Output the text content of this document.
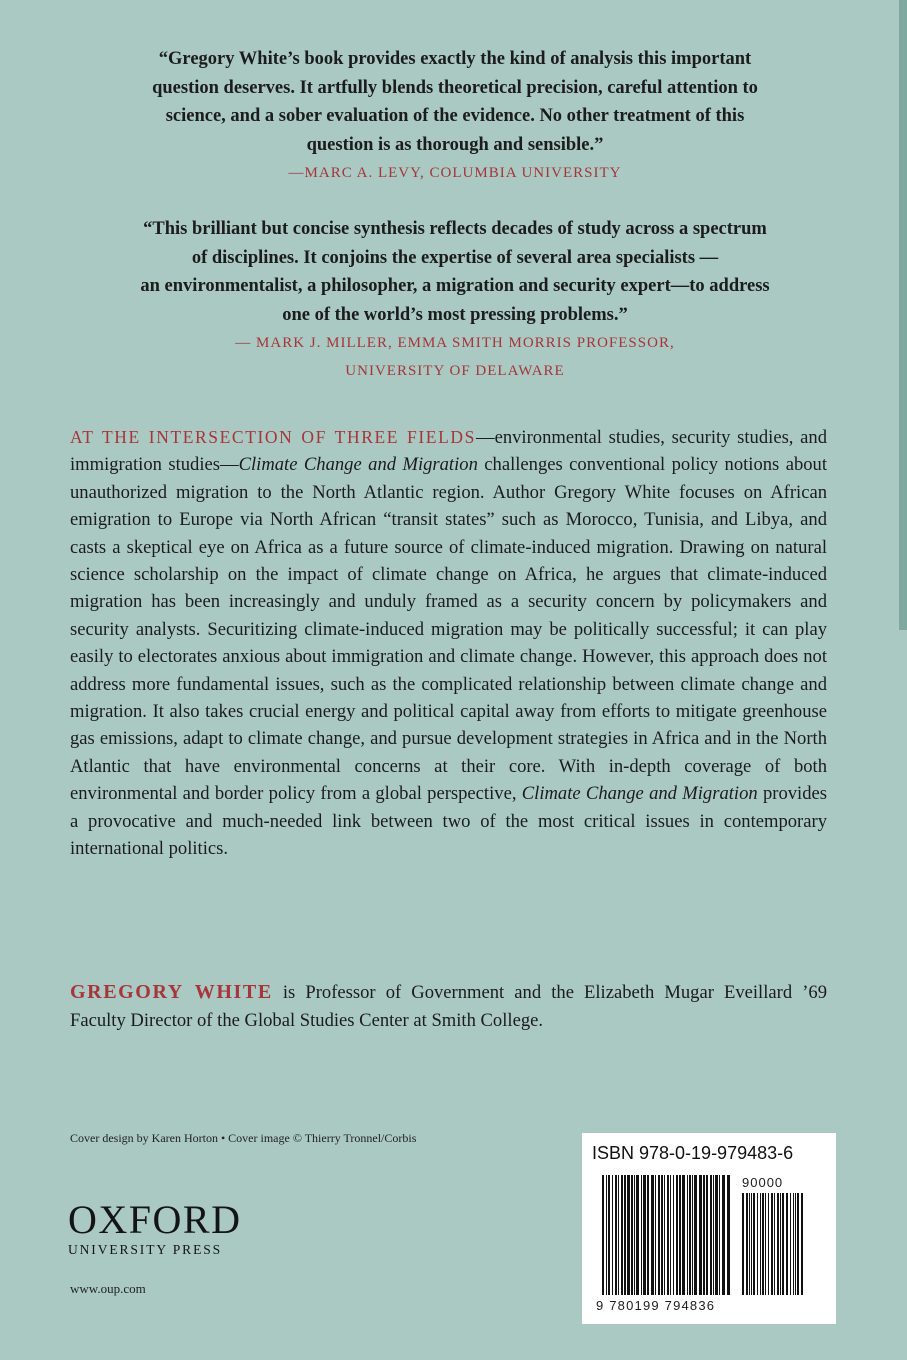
“Gregory White’s book provides exactly the kind of analysis this important
question deserves. It artfully blends theoretical precision, careful attention to
science, and a sober evaluation of the evidence. No other treatment of this
question is as thorough and sensible.”

—MARC A. LEVY, COLUMBIA UNIVERSITY

“This brilliant but concise synthesis reflects decades of study across a spectrum
of disciplines. It conjoins the expertise of several area specialists —
an environmentalist, a philosopher, a migration and security expert—to address
one of the world’s most pressing problems.”

— MARK J. MILLER, EMMA SMITH MORRIS PROFESSOR,
UNIVERSITY OF DELAWARE

AT THE INTERSECTION OF THREE FIELDS—environmental studies, security studies, and immigration studies—Climate Change and Migration challenges conventional policy notions about unauthorized migration to the North Atlantic region. Author Gregory White focuses on African emigration to Europe via North African “transit states” such as Morocco, Tunisia, and Libya, and casts a skeptical eye on Africa as a future source of climate-induced migration. Drawing on natural science scholarship on the impact of climate change on Africa, he argues that climate-induced migration has been increasingly and unduly framed as a security concern by policymakers and security analysts. Securitizing climate-induced migration may be politically successful; it can play easily to electorates anxious about immigration and climate change. However, this approach does not address more fundamental issues, such as the complicated relationship between climate change and migration. It also takes crucial energy and political capital away from efforts to mitigate greenhouse gas emissions, adapt to climate change, and pursue development strategies in Africa and in the North Atlantic that have environmental concerns at their core. With in-depth coverage of both environmental and border policy from a global perspective, Climate Change and Migration provides a provocative and much-needed link between two of the most critical issues in contemporary international politics.

GREGORY WHITE is Professor of Government and the Elizabeth Mugar Eveillard ’69 Faculty Director of the Global Studies Center at Smith College.

Cover design by Karen Horton • Cover image © Thierry Tronnel/Corbis
OXFORD
UNIVERSITY PRESS
www.oup.com
ISBN 978-0-19-979483-6
90000
9 780199 794836
